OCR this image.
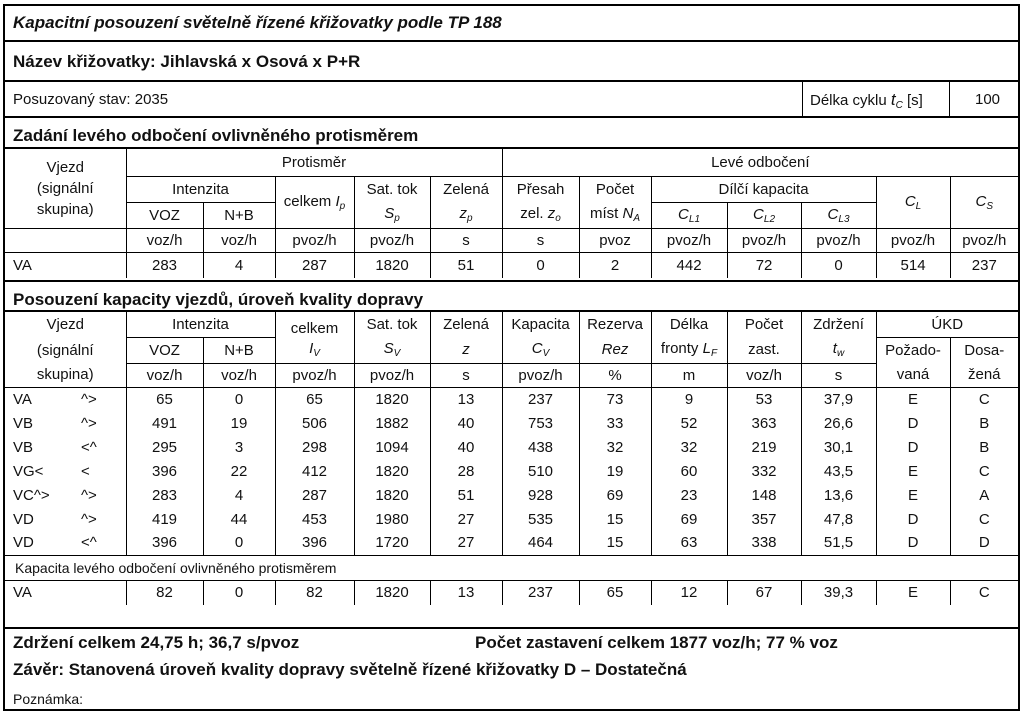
Kapacitní posouzení světelně řízené křižovatky podle TP 188
Název křižovatky: Jihlavská x Osová x P+R
Posuzovaný stav: 2035	Délka cyklu $t_C$ [s]	100
Zadání levého odbočení ovlivněného protisměrem
Vjezd
(signální
skupina)	Protisměr					Levé odbočení						
	Intenzita		celkem $I_p$	Sat. tok	Zelená	Přesah	Počet	Dílčí kapacita			$C_L$	$C_S$
	VOZ	N+B		$S_p$	$z_p$	zel. $z_o$	míst $N_A$	$C_{L1}$	$C_{L2}$	$C_{L3}$
	voz/h	voz/h	pvoz/h	pvoz/h	s	s	pvoz	pvoz/h	pvoz/h	pvoz/h	pvoz/h	pvoz/h
VA	283	4	287	1820	51	0	2	442	72	0	514	237
Posouzení kapacity vjezdů, úroveň kvality dopravy
Vjezd		Intenzita		celkem	Sat. tok	Zelená	Kapacita	Rezerva	Délka	Počet	Zdržení	ÚKD	
(signální		VOZ	N+B	$I_V$	$S_V$	z	$C_V$	Rez	fronty $L_F$	zast.	$t_w$	Požado-	Dosa-
skupina)		voz/h	voz/h	pvoz/h	pvoz/h	s	pvoz/h	%	m	voz/h	s	vaná	žená
VA	^>	65	0	65	1820	13	237	73	9	53	37,9	E	C
VB	^>	491	19	506	1882	40	753	33	52	363	26,6	D	B
VB	<^	295	3	298	1094	40	438	32	32	219	30,1	D	B
VG<	<	396	22	412	1820	28	510	19	60	332	43,5	E	C
VC^>	^>	283	4	287	1820	51	928	69	23	148	13,6	E	A
VD	^>	419	44	453	1980	27	535	15	69	357	47,8	D	C
VD	<^	396	0	396	1720	27	464	15	63	338	51,5	D	D
Kapacita levého odbočení ovlivněného protisměrem													
VA		82	0	82	1820	13	237	65	12	67	39,3	E	C
Zdržení celkem 24,75 h; 36,7 s/pvoz	Počet zastavení celkem 1877 voz/h; 77 % voz
Závěr: Stanovená úroveň kvality dopravy světelně řízené křižovatky D – Dostatečná
Poznámka:
